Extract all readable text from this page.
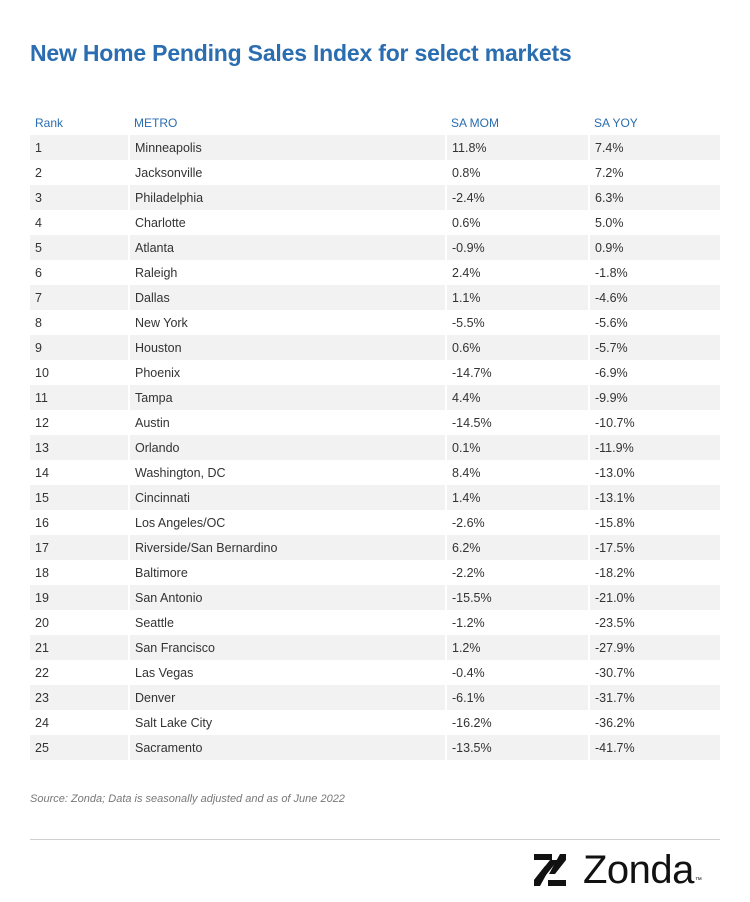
New Home Pending Sales Index for select markets
Rank	METRO	SA MOM	SA YOY
1	Minneapolis	11.8%	7.4%
2	Jacksonville	0.8%	7.2%
3	Philadelphia	-2.4%	6.3%
4	Charlotte	0.6%	5.0%
5	Atlanta	-0.9%	0.9%
6	Raleigh	2.4%	-1.8%
7	Dallas	1.1%	-4.6%
8	New York	-5.5%	-5.6%
9	Houston	0.6%	-5.7%
10	Phoenix	-14.7%	-6.9%
11	Tampa	4.4%	-9.9%
12	Austin	-14.5%	-10.7%
13	Orlando	0.1%	-11.9%
14	Washington, DC	8.4%	-13.0%
15	Cincinnati	1.4%	-13.1%
16	Los Angeles/OC	-2.6%	-15.8%
17	Riverside/San Bernardino	6.2%	-17.5%
18	Baltimore	-2.2%	-18.2%
19	San Antonio	-15.5%	-21.0%
20	Seattle	-1.2%	-23.5%
21	San Francisco	1.2%	-27.9%
22	Las Vegas	-0.4%	-30.7%
23	Denver	-6.1%	-31.7%
24	Salt Lake City	-16.2%	-36.2%
25	Sacramento	-13.5%	-41.7%
Source: Zonda; Data is seasonally adjusted and as of June 2022
Zonda ™
